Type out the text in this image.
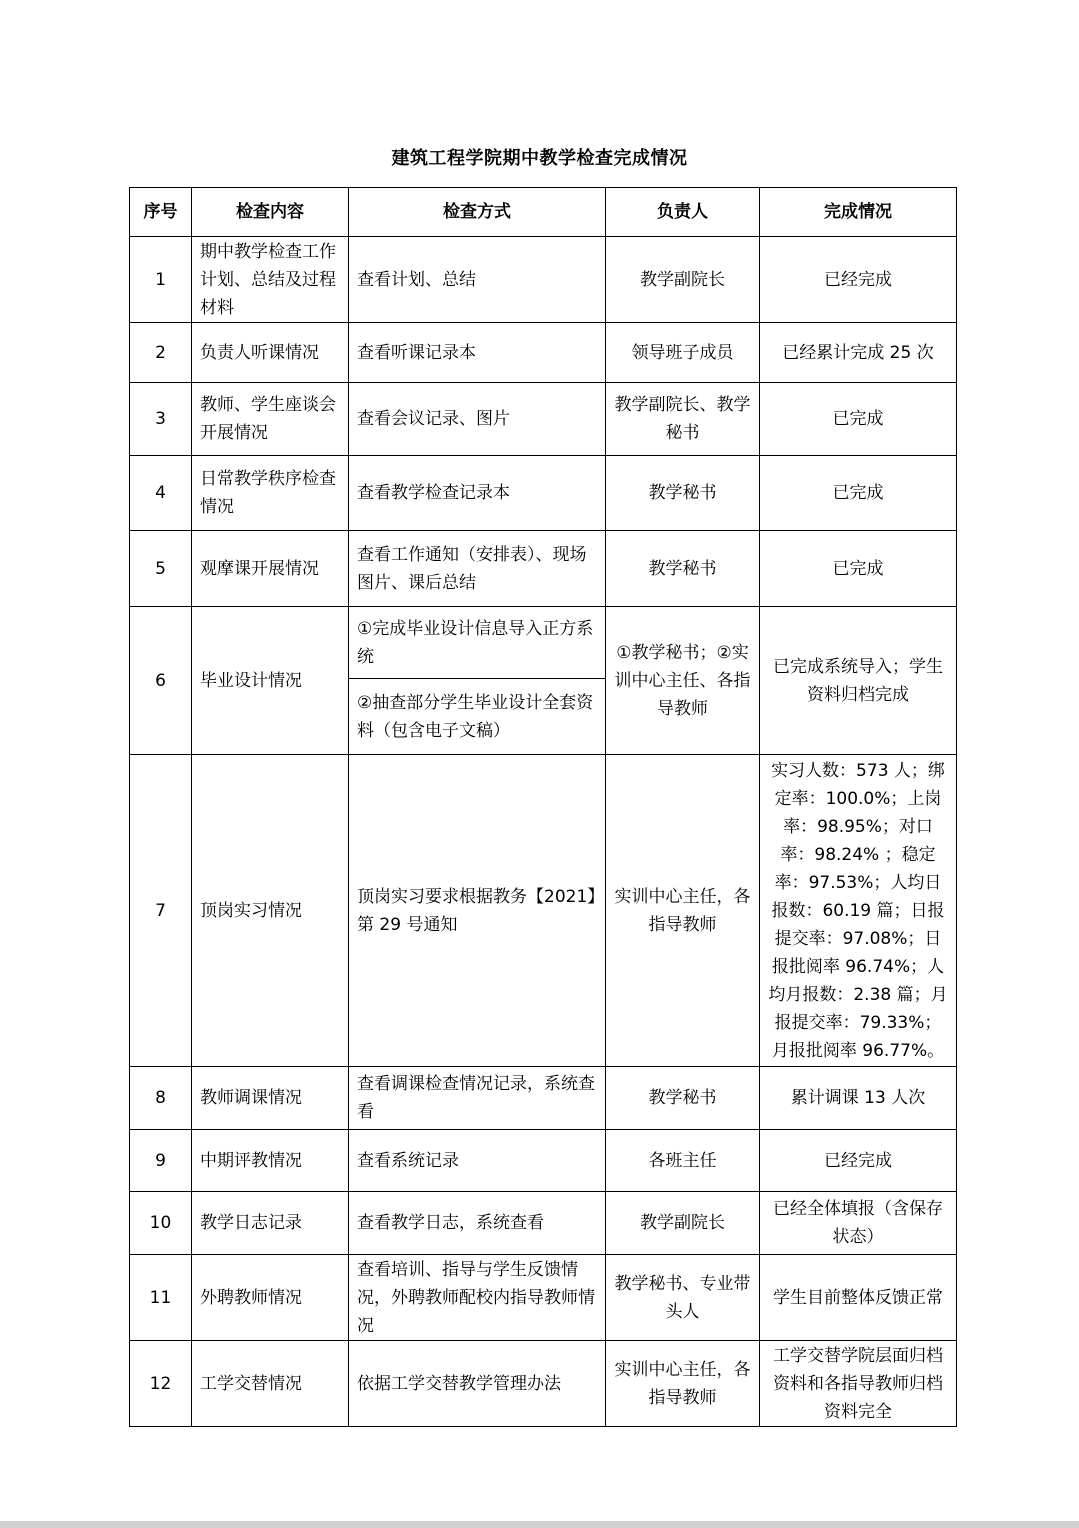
建筑工程学院期中教学检查完成情况
序号	检查内容	检查方式	负责人	完成情况
1	期中教学检查工作计划、总结及过程材料	查看计划、总结	教学副院长	已经完成
2	负责人听课情况	查看听课记录本	领导班子成员	已经累计完成 25 次
3	教师、学生座谈会开展情况	查看会议记录、图片	教学副院长、教学秘书	已完成
4	日常教学秩序检查情况	查看教学检查记录本	教学秘书	已完成
5	观摩课开展情况	查看工作通知（安排表）、现场图片、课后总结	教学秘书	已完成
6	毕业设计情况	①完成毕业设计信息导入正方系统	①教学秘书；②实训中心主任、各指导教师	已完成系统导入；学生资料归档完成
		②抽查部分学生毕业设计全套资料（包含电子文稿）		
7	顶岗实习情况	顶岗实习要求根据教务【2021】第 29 号通知	实训中心主任，各指导教师	实习人数：573 人；绑定率：100.0%；上岗率：98.95%；对口率：98.24% ；稳定率：97.53%；人均日报数：60.19 篇；日报提交率：97.08%；日报批阅率 96.74%；人均月报数：2.38 篇；月报提交率：79.33%；月报批阅率 96.77%。
8	教师调课情况	查看调课检查情况记录，系统查看	教学秘书	累计调课 13 人次
9	中期评教情况	查看系统记录	各班主任	已经完成
10	教学日志记录	查看教学日志，系统查看	教学副院长	已经全体填报（含保存状态）
11	外聘教师情况	查看培训、指导与学生反馈情况，外聘教师配校内指导教师情况	教学秘书、专业带头人	学生目前整体反馈正常
12	工学交替情况	依据工学交替教学管理办法	实训中心主任，各指导教师	工学交替学院层面归档资料和各指导教师归档资料完全
